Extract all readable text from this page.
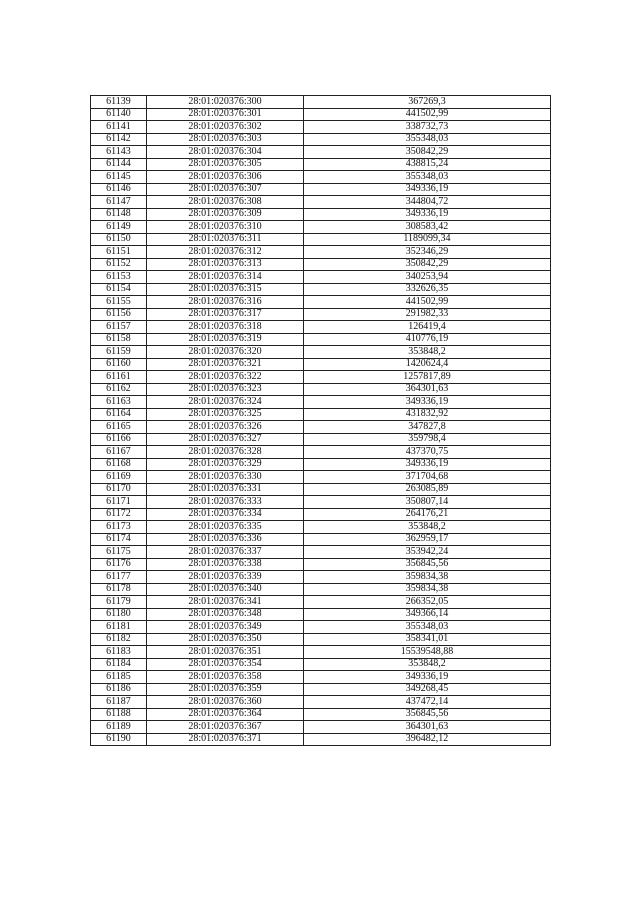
61139	28:01:020376:300	367269,3
61140	28:01:020376:301	441502,99
61141	28:01:020376:302	338732,73
61142	28:01:020376:303	355348,03
61143	28:01:020376:304	350842,29
61144	28:01:020376:305	438815,24
61145	28:01:020376:306	355348,03
61146	28:01:020376:307	349336,19
61147	28:01:020376:308	344804,72
61148	28:01:020376:309	349336,19
61149	28:01:020376:310	308583,42
61150	28:01:020376:311	1189099,34
61151	28:01:020376:312	352346,29
61152	28:01:020376:313	350842,29
61153	28:01:020376:314	340253,94
61154	28:01:020376:315	332626,35
61155	28:01:020376:316	441502,99
61156	28:01:020376:317	291982,33
61157	28:01:020376:318	126419,4
61158	28:01:020376:319	410776,19
61159	28:01:020376:320	353848,2
61160	28:01:020376:321	1420624,4
61161	28:01:020376:322	1257817,89
61162	28:01:020376:323	364301,63
61163	28:01:020376:324	349336,19
61164	28:01:020376:325	431832,92
61165	28:01:020376:326	347827,8
61166	28:01:020376:327	359798,4
61167	28:01:020376:328	437370,75
61168	28:01:020376:329	349336,19
61169	28:01:020376:330	371704,68
61170	28:01:020376:331	263085,89
61171	28:01:020376:333	350807,14
61172	28:01:020376:334	264176,21
61173	28:01:020376:335	353848,2
61174	28:01:020376:336	362959,17
61175	28:01:020376:337	353942,24
61176	28:01:020376:338	356845,56
61177	28:01:020376:339	359834,38
61178	28:01:020376:340	359834,38
61179	28:01:020376:341	266352,05
61180	28:01:020376:348	349366,14
61181	28:01:020376:349	355348,03
61182	28:01:020376:350	358341,01
61183	28:01:020376:351	15539548,88
61184	28:01:020376:354	353848,2
61185	28:01:020376:358	349336,19
61186	28:01:020376:359	349268,45
61187	28:01:020376:360	437472,14
61188	28:01:020376:364	356845,56
61189	28:01:020376:367	364301,63
61190	28:01:020376:371	396482,12
